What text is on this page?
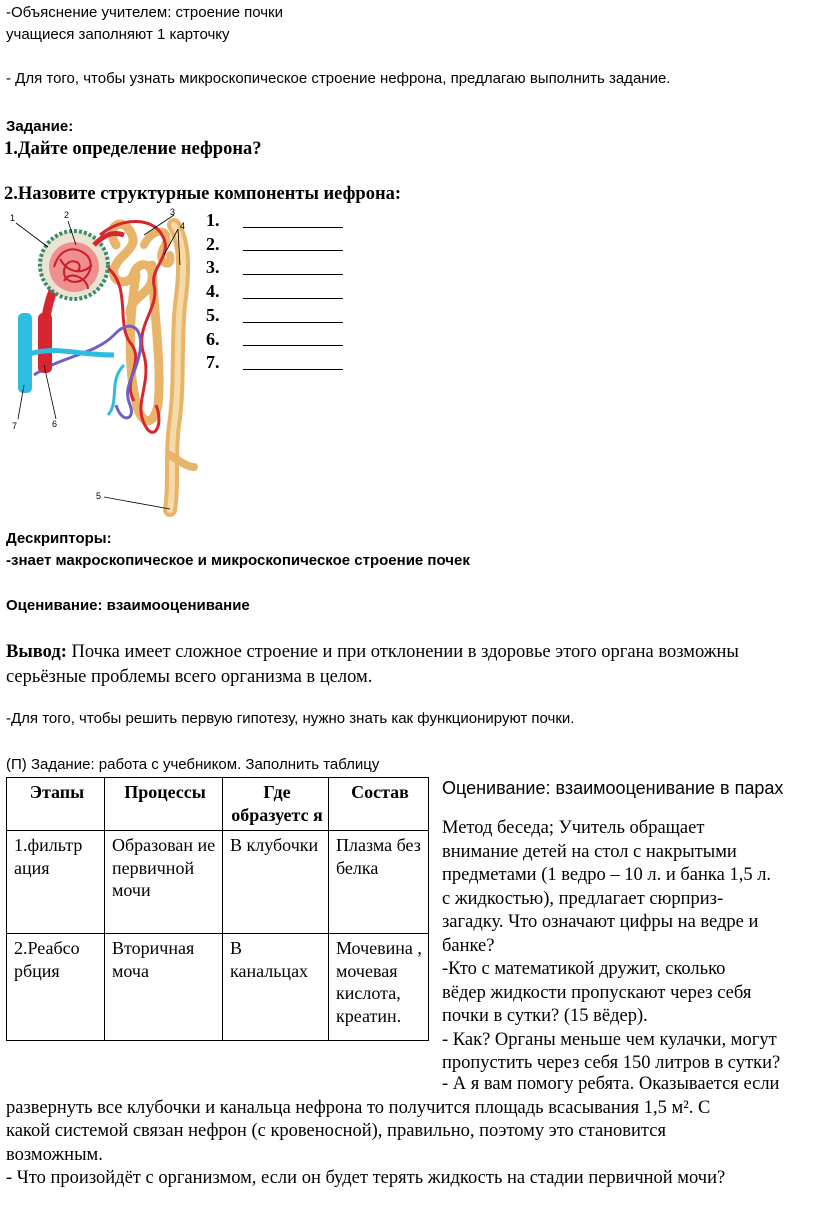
-Объяснение учителем: строение почки
учащиеся заполняют 1 карточку
- Для того, чтобы узнать микроскопическое строение нефрона, предлагаю выполнить задание.
Задание:
1.Дайте определение нефрона?
2.Назовите структурные компоненты иефрона:
1	2	3
4
5
6
7
1.
2.
3.
4.
5.
6.
7.
Дескрипторы:
-знает макроскопическое и микроскопическое строение почек
Оценивание: взаимооценивание
Вывод: Почка имеет сложное строение и при отклонении в здоровье этого органа возможны серьёзные проблемы всего организма в целом.
-Для того, чтобы решить первую гипотезу, нужно знать как функционируют почки.
(П) Задание: работа с учебником. Заполнить таблицу
Этапы	Процессы	Где образуетс я	Состав
1.фильтр ация	Образован ие первичной мочи	В клубочки	Плазма без белка
2.Реабсо рбция	Вторичная моча	В канальцах	Мочевина , мочевая кислота, креатин.
Оценивание: взаимооценивание в парах
Метод беседа; Учитель обращает
внимание детей на стол с накрытыми
предметами (1 ведро – 10 л. и банка 1,5 л.
с жидкостью), предлагает сюрприз-
загадку. Что означают цифры на ведре и
банке?
-Кто с математикой дружит, сколько
вёдер жидкости пропускают через себя
почки в сутки? (15 вёдер).
- Как? Органы меньше чем кулачки, могут
пропустить через себя 150 литров в сутки?
- А я вам помогу ребята. Оказывается если
развернуть все клубочки и канальца нефрона то получится площадь всасывания 1,5 м². С
какой системой связан нефрон (с кровеносной), правильно, поэтому это становится
возможным.
- Что произойдёт с организмом, если он будет терять жидкость на стадии первичной мочи?
